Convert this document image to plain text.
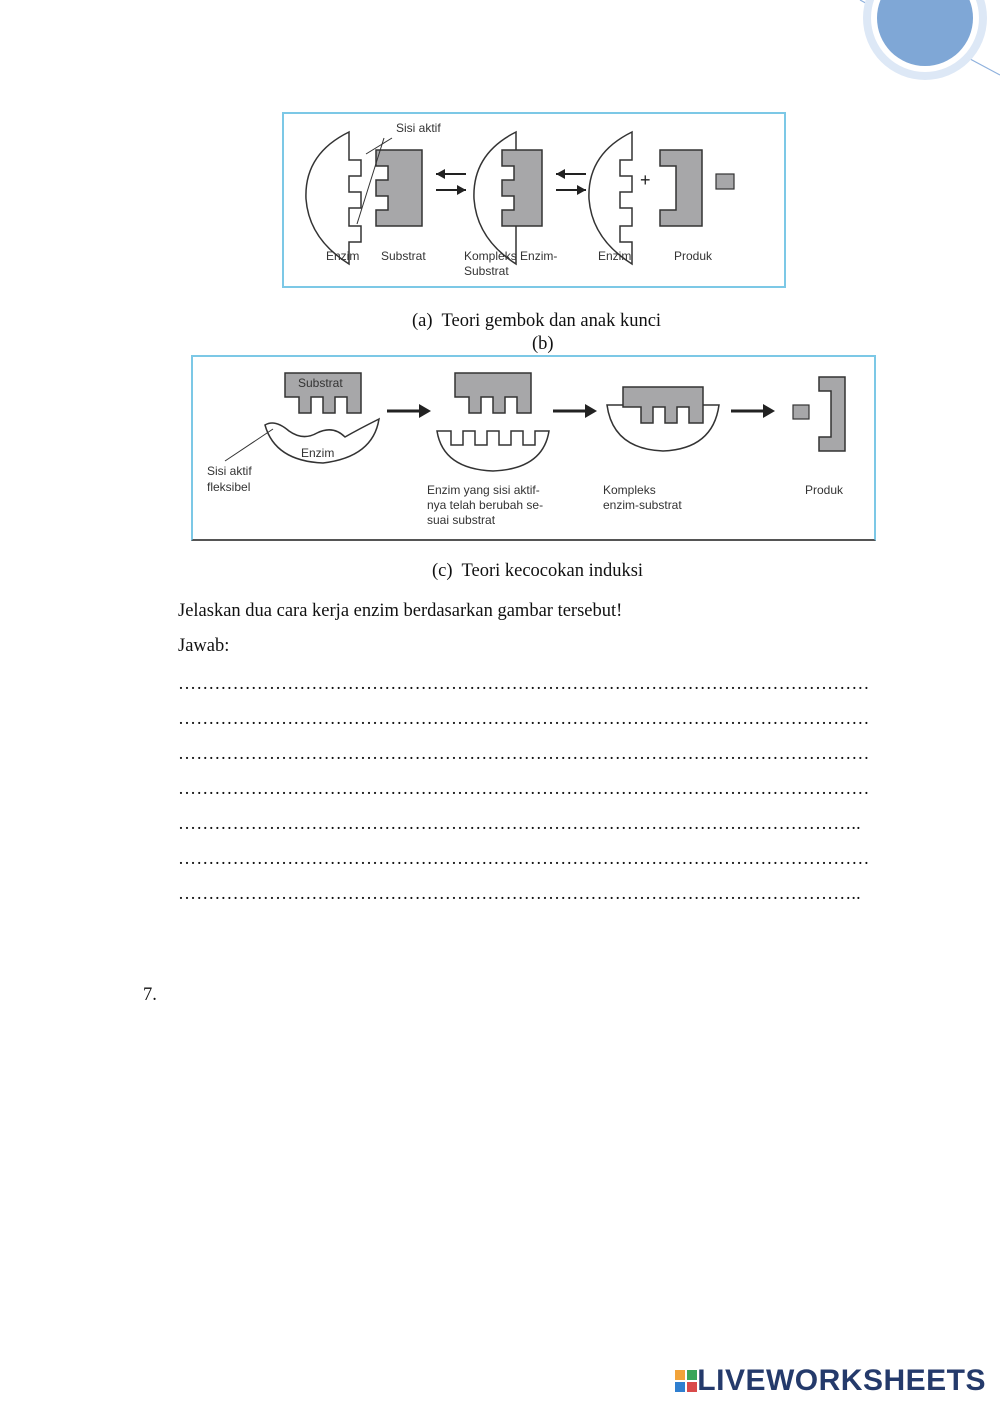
Sisi aktif
+
Enzim Substrat	Kompleks Enzim-
Substrat
Enzim	Produk
(a) Teori gembok dan anak kunci
(b)
Substrat
Enzim
Sisi aktif
fleksibel	Enzim yang sisi aktif-
nya telah berubah se-
suai substrat
Kompleks
enzim-substrat
Produk
(c) Teori kecocokan induksi
Jelaskan dua cara kerja enzim berdasarkan gambar tersebut!
Jawab:
……………………………………………………………………………………………………
……………………………………………………………………………………………………
……………………………………………………………………………………………………
……………………………………………………………………………………………………
…………………………………………………………………………………………………..
……………………………………………………………………………………………………
…………………………………………………………………………………………………..
7.
LIVEWORKSHEETS
